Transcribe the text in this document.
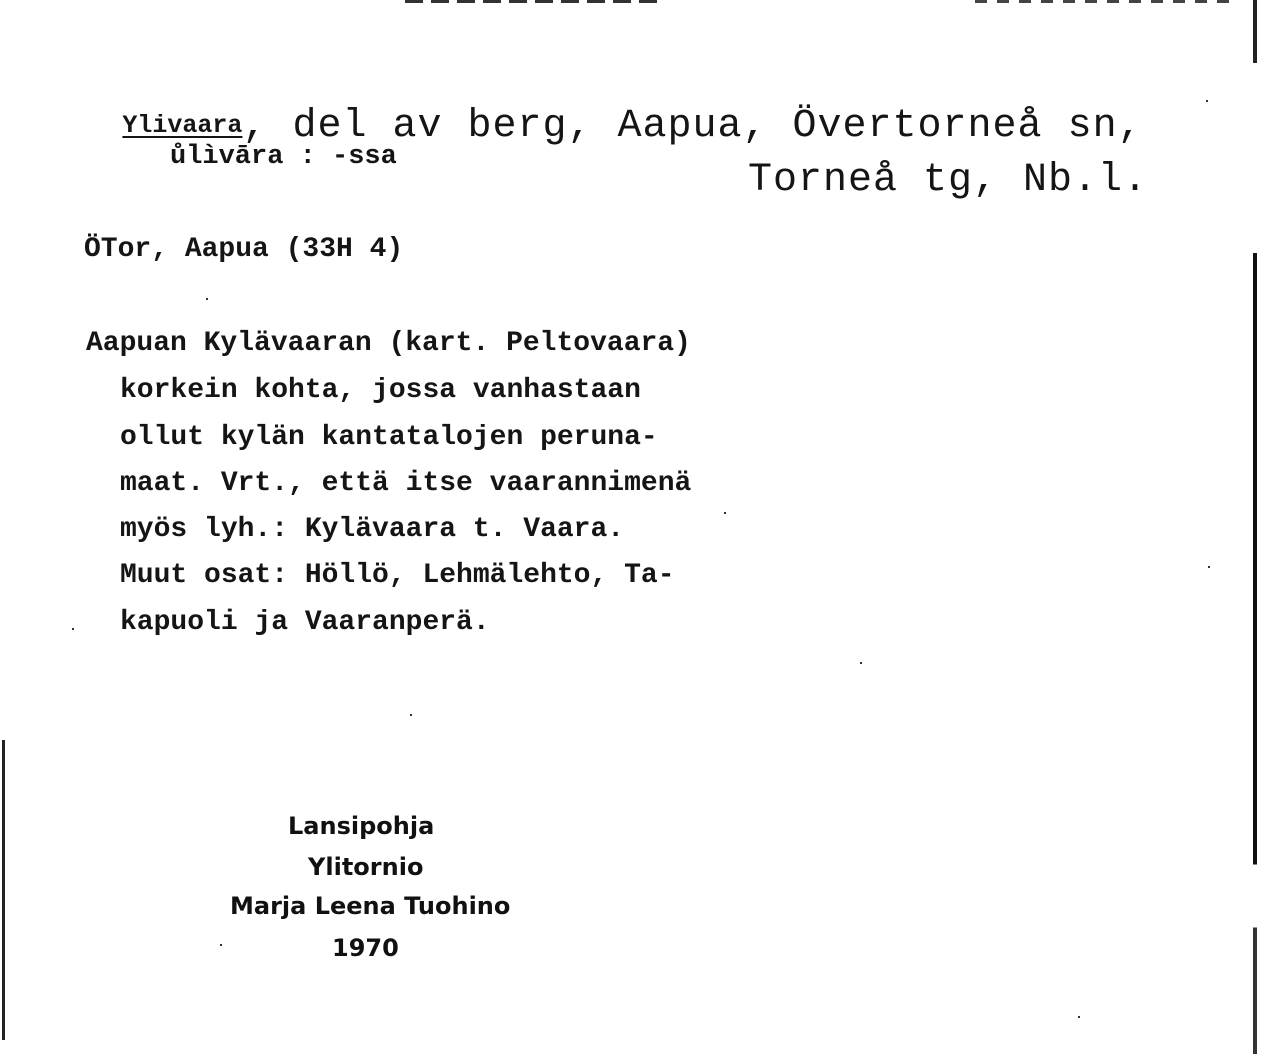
Ylivaara, del av berg, Aapua, Övertorneå sn,

ůlìvāra : -ssa
Torneå tg, Nb.l.
ÖTor, Aapua (33H 4)
Aapuan Kylävaaran (kart. Peltovaara)
korkein kohta, jossa vanhastaan
ollut kylän kantatalojen peruna-
maat. Vrt., että itse vaarannimenä
myös lyh.: Kylävaara t. Vaara.
Muut osat: Höllö, Lehmälehto, Ta-
kapuoli ja Vaaranperä.
Lansipohja
Ylitornio
Marja Leena Tuohino
1970
